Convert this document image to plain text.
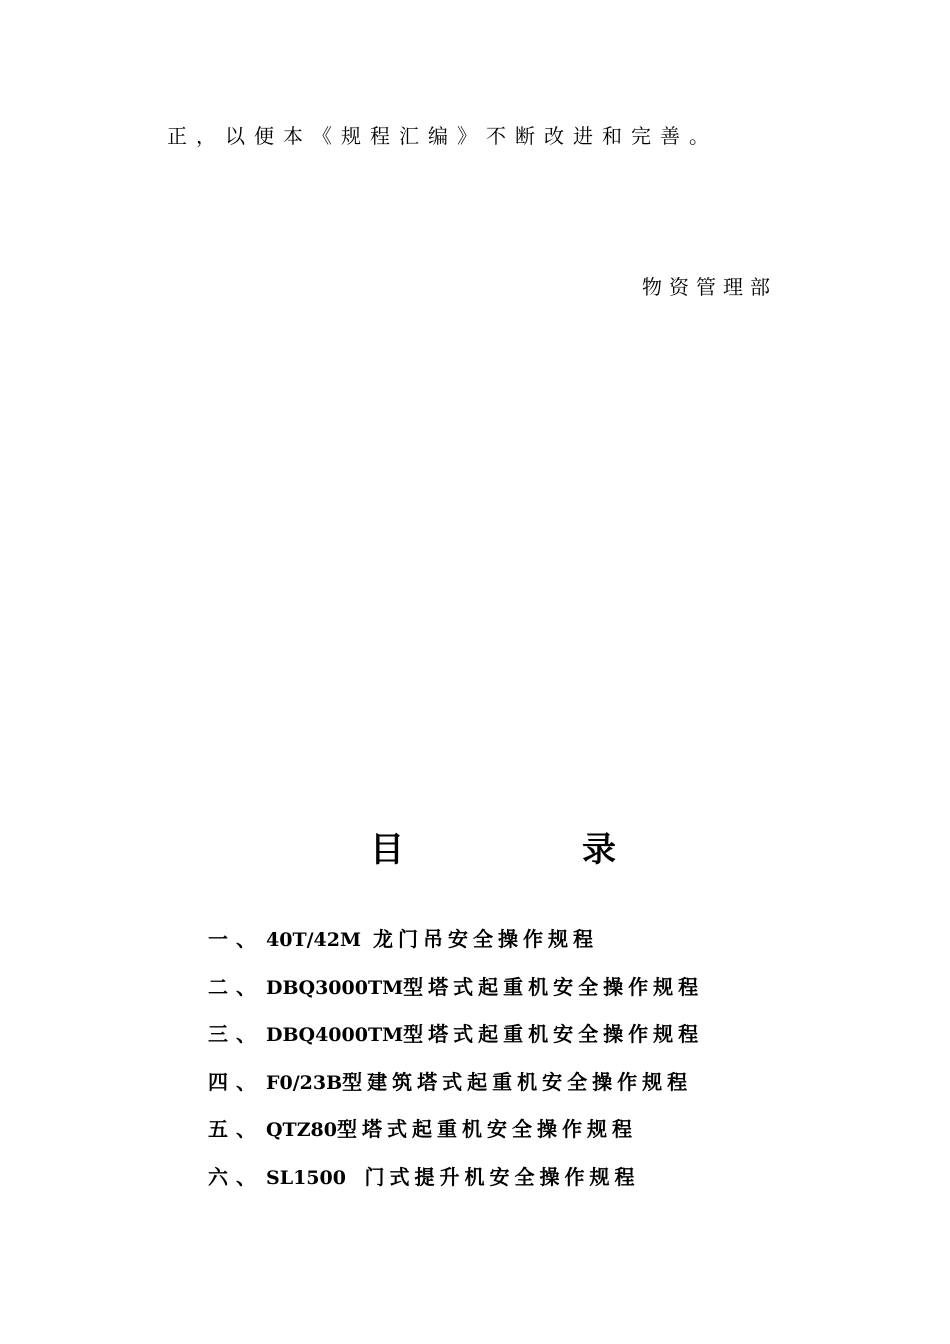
正，以便本《规程汇编》不断改进和完善。
物资管理部
目	录
一、 40T/42M 龙门吊安全操作规程
二、 DBQ3000TM型塔式起重机安全操作规程
三、 DBQ4000TM型塔式起重机安全操作规程
四、 F0/23B型建筑塔式起重机安全操作规程
五、 QTZ80型塔式起重机安全操作规程
六、 SL1500  门式提升机安全操作规程
